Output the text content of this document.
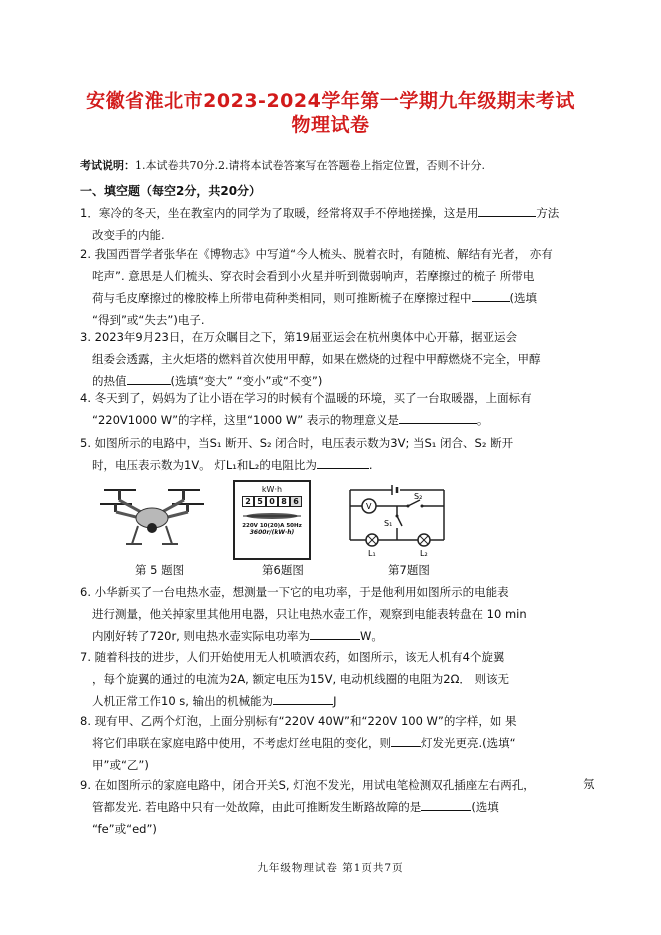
安徽省淮北市2023-2024学年第一学期九年级期末考试
物理试卷
考试说明：1.本试卷共70分.2.请将本试卷答案写在答题卷上指定位置，否则不计分.
一、填空题（每空2分，共20分）
1．寒冷的冬天，坐在教室内的同学为了取暖，经常将双手不停地搓操，这是用	方法
改变手的内能.
2. 我国西晋学者张华在《博物志》中写道“今人梳头、脱着衣时，有随梳、解结有光者， 亦有
咤声”. 意思是人们梳头、穿衣时会看到小火星并听到微弱响声，若摩擦过的梳子 所带电
荷与毛皮摩擦过的橡胶棒上所带电荷种类相同，则可推断梳子在摩擦过程中	(选填
“得到”或“失去”)电子.
3. 2023年9月23日，在万众瞩目之下，第19届亚运会在杭州奥体中心开幕，据亚运会
组委会透露，主火炬塔的燃料首次使用甲醇，如果在燃烧的过程中甲醇燃烧不完全，甲醇
的热值	(选填“变大” “变小”或“不变”)
4. 冬天到了，妈妈为了让小语在学习的时候有个温暖的环境，买了一台取暖器，上面标有
“220V1000 W”的字样，这里“1000 W” 表示的物理意义是	。
5. 如图所示的电路中，当S₁ 断开、S₂ 闭合时，电压表示数为3V; 当S₁ 闭合、S₂ 断开
时，电压表示数为1V。 灯L₁和L₂的电阻比为	.
kW·h
2 5 0 8 6
220V 10(20)A 50Hz
3600r/(kW·h)
V
S₂
S₁
L₁	L₂
第 5 题图	第6题图	第7题图
6. 小华新买了一台电热水壶，想测量一下它的电功率，于是他利用如图所示的电能表
进行测量，他关掉家里其他用电器，只让电热水壶工作，观察到电能表转盘在 10 min
内刚好转了720r, 则电热水壶实际电功率为	W。
7. 随着科技的进步，人们开始使用无人机喷洒农药，如图所示，该无人机有4个旋翼
，每个旋翼的通过的电流为2A, 额定电压为15V, 电动机线圈的电阻为2Ω． 则该无
人机正常工作10 s, 输出的机械能为	J
8. 现有甲、乙两个灯泡，上面分别标有“220V 40W”和“220V 100 W”的字样，如 果
将它们串联在家庭电路中使用，不考虑灯丝电阻的变化，则	灯发光更亮.(选填“
甲”或“乙”)
9. 在如图所示的家庭电路中，闭合开关S, 灯泡不发光，用试电笔检测双孔插座左右两孔，
管都发光. 若电路中只有一处故障，由此可推断发生断路故障的是	(选填
“fe”或“ed”)
氖
九年级物理试卷 第1页共7页
